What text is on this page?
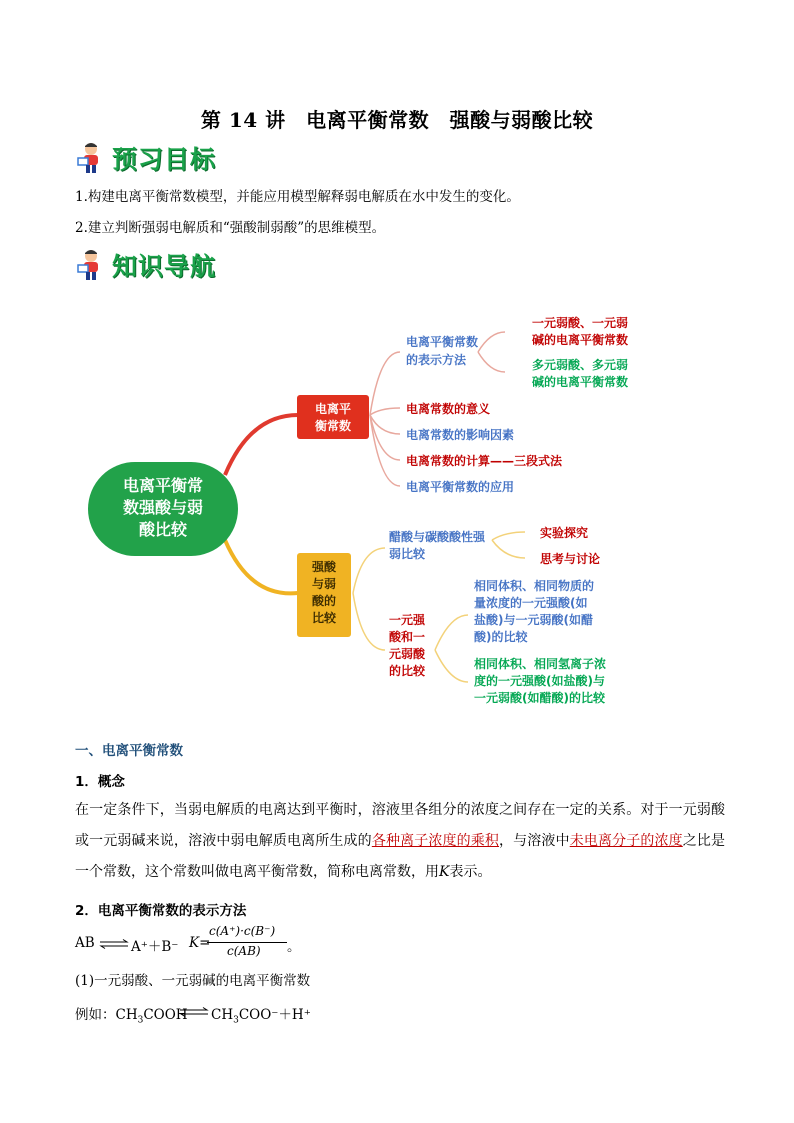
第 14 讲　电离平衡常数　强酸与弱酸比较
预习目标
1.构建电离平衡常数模型，并能应用模型解释弱电解质在水中发生的变化。
2.建立判断强弱电解质和“强酸制弱酸”的思维模型。
知识导航
电离平衡常
数强酸与弱
酸比较
电离平
衡常数
电离平衡常数
的表示方法
电离常数的意义
电离常数的影响因素
电离常数的计算——三段式法
电离平衡常数的应用
一元弱酸、一元弱
碱的电离平衡常数
多元弱酸、多元弱
碱的电离平衡常数
强酸
与弱
酸的
比较
醋酸与碳酸酸性强
弱比较
一元强
酸和一
元弱酸
的比较
实验探究
思考与讨论
相同体积、相同物质的
量浓度的一元强酸(如
盐酸)与一元弱酸(如醋
酸)的比较
相同体积、相同氢离子浓
度的一元强酸(如盐酸)与
一元弱酸(如醋酸)的比较
一、电离平衡常数
1．概念
在一定条件下，当弱电解质的电离达到平衡时，溶液里各组分的浓度之间存在一定的关系。对于一元弱酸或一元弱碱来说，溶液中弱电解质电离所生成的各种离子浓度的乘积，与溶液中未电离分子的浓度之比是一个常数，这个常数叫做电离平衡常数，简称电离常数，用K表示。
2．电离平衡常数的表示方法
AB ⇌ A⁺＋B⁻ K=
c(A⁺)·c(B⁻)
c(AB) 。
(1)一元弱酸、一元弱碱的电离平衡常数
例如：$CH_3COOH$ ⇌ $CH_3COO^-+H^+$
